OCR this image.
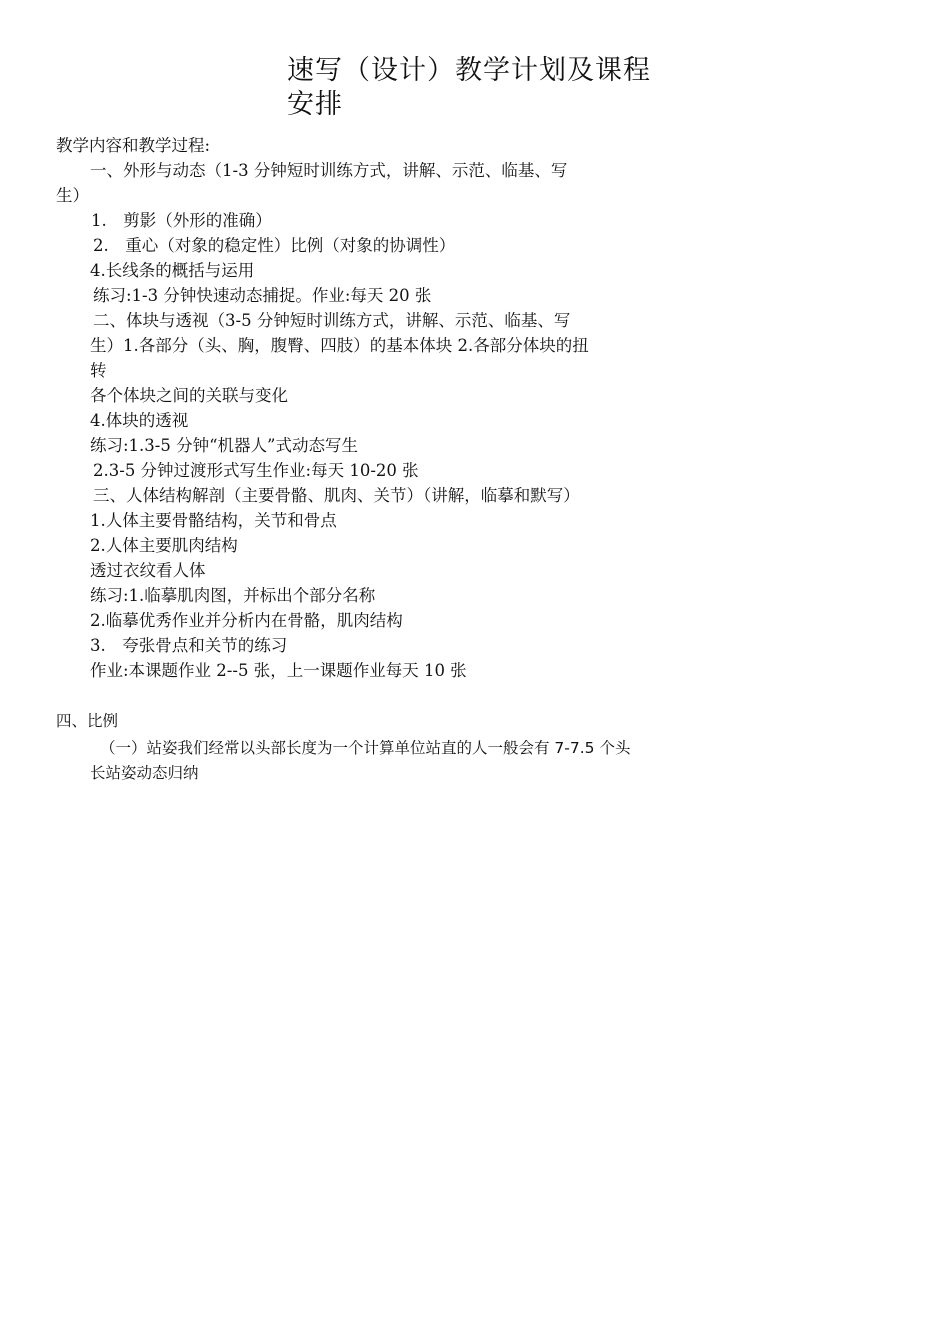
速写（设计）教学计划及课程
安排
教学内容和教学过程:
一、外形与动态（1-3 分钟短时训练方式，讲解、示范、临基、写
生）
1.　剪影（外形的准确）
2.　重心（对象的稳定性）比例（对象的协调性）
4.长线条的概括与运用
练习:1-3 分钟快速动态捕捉。作业:每天 20 张
二、体块与透视（3-5 分钟短时训练方式，讲解、示范、临基、写
生）1.各部分（头、胸，腹臀、四肢）的基本体块 2.各部分体块的扭
转
各个体块之间的关联与变化
4.体块的透视
练习:1.3-5 分钟“机器人”式动态写生
2.3-5 分钟过渡形式写生作业:每天 10-20 张
三、人体结构解剖（主要骨骼、肌肉、关节）（讲解，临摹和默写）
1.人体主要骨骼结构，关节和骨点
2.人体主要肌肉结构
透过衣纹看人体
练习:1.临摹肌肉图，并标出个部分名称
2.临摹优秀作业并分析内在骨骼，肌肉结构
3.　夸张骨点和关节的练习
作业:本课题作业 2--5 张，上一课题作业每天 10 张
四、比例
（一）站姿我们经常以头部长度为一个计算单位站直的人一般会有 7-7.5 个头
长站姿动态归纳
